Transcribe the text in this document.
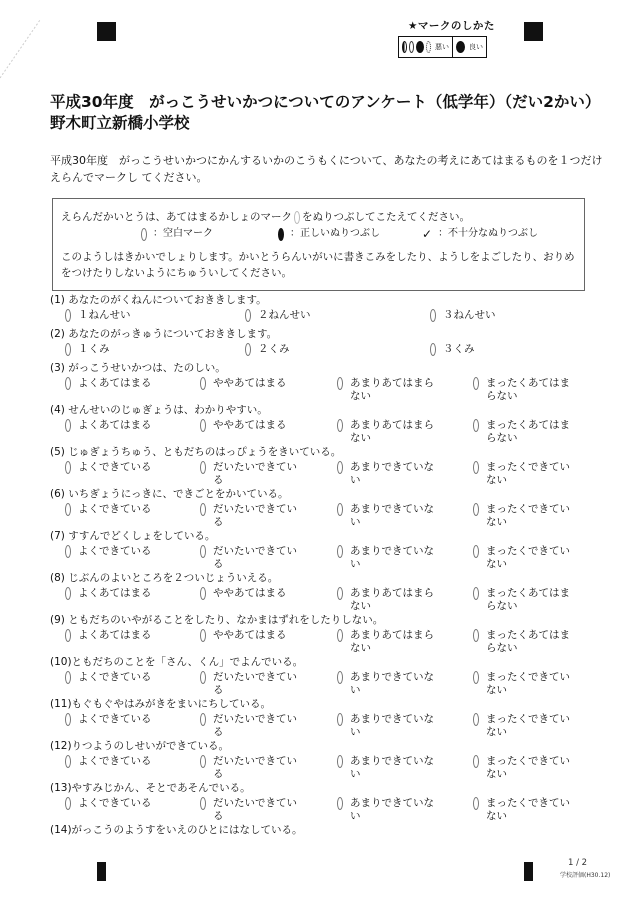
★マークのしかた
悪い	良い
平成30年度　がっこうせいかつについてのアンケート（低学年）（だい2かい）　　野木町立新橋小学校
平成30年度　がっこうせいかつにかんするいかのこうもくについて、あなたの考えにあてはまるものを１つだけえらんでマークし てください。
えらんだかいとうは、あてはまるかしょのマーク をぬりつぶしてこたえてください。
：空白マーク	：正しいぬりつぶし	✓ ：不十分なぬりつぶし
このようしはきかいでしょりします。かいとうらんいがいに書きこみをしたり、ようしをよごしたり、おりめをつけたりしないようにちゅういしてください。
(1) あなたのがくねんについておききします。
１ねんせい	２ねんせい	３ねんせい
(2) あなたのがっきゅうについておききします。
１くみ	２くみ	３くみ
(3) がっこうせいかつは、たのしい。
よくあてはまる	ややあてはまる	あまりあてはまらない
まったくあてはまらない
(4) せんせいのじゅぎょうは、わかりやすい。
よくあてはまる	ややあてはまる	あまりあてはまらない
まったくあてはまらない
(5) じゅぎょうちゅう、ともだちのはっぴょうをきいている。
よくできている	だいたいできている
あまりできていない
まったくできていない
(6) いちぎょうにっきに、できごとをかいている。
よくできている	だいたいできている
あまりできていない
まったくできていない
(7) すすんでどくしょをしている。
よくできている	だいたいできている
あまりできていない
まったくできていない
(8) じぶんのよいところを２ついじょういえる。
よくあてはまる	ややあてはまる	あまりあてはまらない
まったくあてはまらない
(9) ともだちのいやがることをしたり、なかまはずれをしたりしない。
よくあてはまる	ややあてはまる	あまりあてはまらない
まったくあてはまらない
(10)ともだちのことを「さん、くん」でよんでいる。
よくできている	だいたいできている
あまりできていない
まったくできていない
(11)もぐもぐやはみがきをまいにちしている。
よくできている	だいたいできている
あまりできていない
まったくできていない
(12)りつようのしせいができている。
よくできている	だいたいできている
あまりできていない
まったくできていない
(13)やすみじかん、そとであそんでいる。
よくできている	だいたいできている
あまりできていない
まったくできていない
(14)がっこうのようすをいえのひとにはなしている。
1 / 2
学校評価(H30.12)
